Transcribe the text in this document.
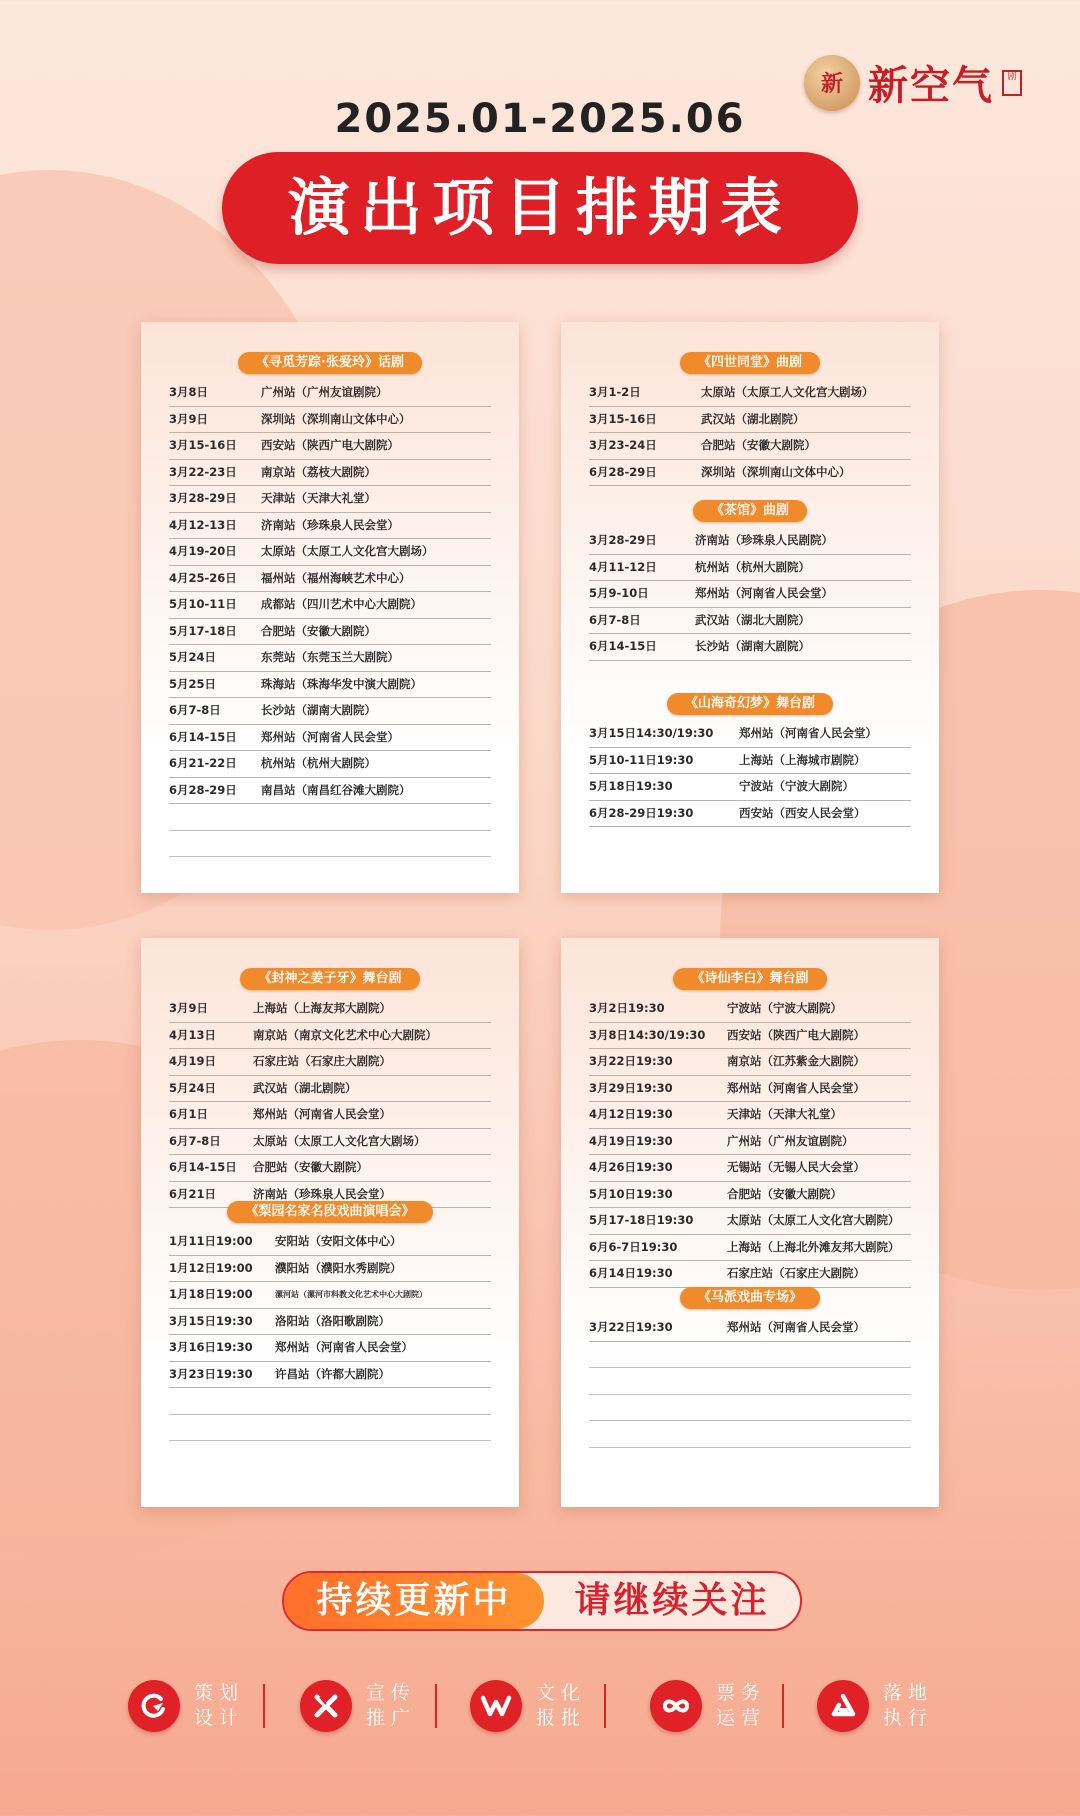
新 新空气	剧
2025.01-2025.06
演出项目排期表
《寻觅芳踪·张爱玲》话剧
3月8日	广州站（广州友谊剧院）
3月9日	深圳站（深圳南山文体中心）
3月15-16日 西安站（陕西广电大剧院）
3月22-23日 南京站（荔枝大剧院）
3月28-29日 天津站（天津大礼堂）
4月12-13日 济南站（珍珠泉人民会堂）
4月19-20日 太原站（太原工人文化宫大剧场）
4月25-26日 福州站（福州海峡艺术中心）
5月10-11日 成都站（四川艺术中心大剧院）
5月17-18日 合肥站（安徽大剧院）
5月24日	东莞站（东莞玉兰大剧院）
5月25日	珠海站（珠海华发中演大剧院）
6月7-8日	长沙站（湖南大剧院）
6月14-15日 郑州站（河南省人民会堂）
6月21-22日 杭州站（杭州大剧院）
6月28-29日 南昌站（南昌红谷滩大剧院）
《四世同堂》曲剧
3月1-2日	太原站（太原工人文化宫大剧场）
3月15-16日	武汉站（湖北剧院）
3月23-24日	合肥站（安徽大剧院）
6月28-29日	深圳站（深圳南山文体中心）
《茶馆》曲剧
3月28-29日	济南站（珍珠泉人民剧院）
4月11-12日	杭州站（杭州大剧院）
5月9-10日	郑州站（河南省人民会堂）
6月7-8日	武汉站（湖北大剧院）
6月14-15日	长沙站（湖南大剧院）
《山海奇幻梦》舞台剧
3月15日14:30/19:30 郑州站（河南省人民会堂）
5月10-11日19:30	上海站（上海城市剧院）
5月18日19:30	宁波站（宁波大剧院）
6月28-29日19:30	西安站（西安人民会堂）
《封神之姜子牙》舞台剧
3月9日	上海站（上海友邦大剧院）
4月13日	南京站（南京文化艺术中心大剧院）
4月19日	石家庄站（石家庄大剧院）
5月24日	武汉站（湖北剧院）
6月1日	郑州站（河南省人民会堂）
6月7-8日	太原站（太原工人文化宫大剧场）
6月14-15日 合肥站（安徽大剧院）
6月21日	济南站（珍珠泉人民会堂）
《梨园名家名段戏曲演唱会》
1月11日19:00 安阳站（安阳文体中心）
1月12日19:00 濮阳站（濮阳水秀剧院）
1月18日19:00	漯河站（漯河市科教文化艺术中心大剧院）
3月15日19:30 洛阳站（洛阳歌剧院）
3月16日19:30 郑州站（河南省人民会堂）
3月23日19:30 许昌站（许都大剧院）
《诗仙李白》舞台剧
3月2日19:30	宁波站（宁波大剧院）
3月8日14:30/19:30 西安站（陕西广电大剧院）
3月22日19:30	南京站（江苏紫金大剧院）
3月29日19:30	郑州站（河南省人民会堂）
4月12日19:30	天津站（天津大礼堂）
4月19日19:30	广州站（广州友谊剧院）
4月26日19:30	无锡站（无锡人民大会堂）
5月10日19:30	合肥站（安徽大剧院）
5月17-18日19:30	太原站（太原工人文化宫大剧院）
6月6-7日19:30	上海站（上海北外滩友邦大剧院）
6月14日19:30	石家庄站（石家庄大剧院）
《马派戏曲专场》
3月22日19:30	郑州站（河南省人民会堂）
持续更新中	请继续关注
策划设计
宣传推广
文化报批
票务运营
落地执行
